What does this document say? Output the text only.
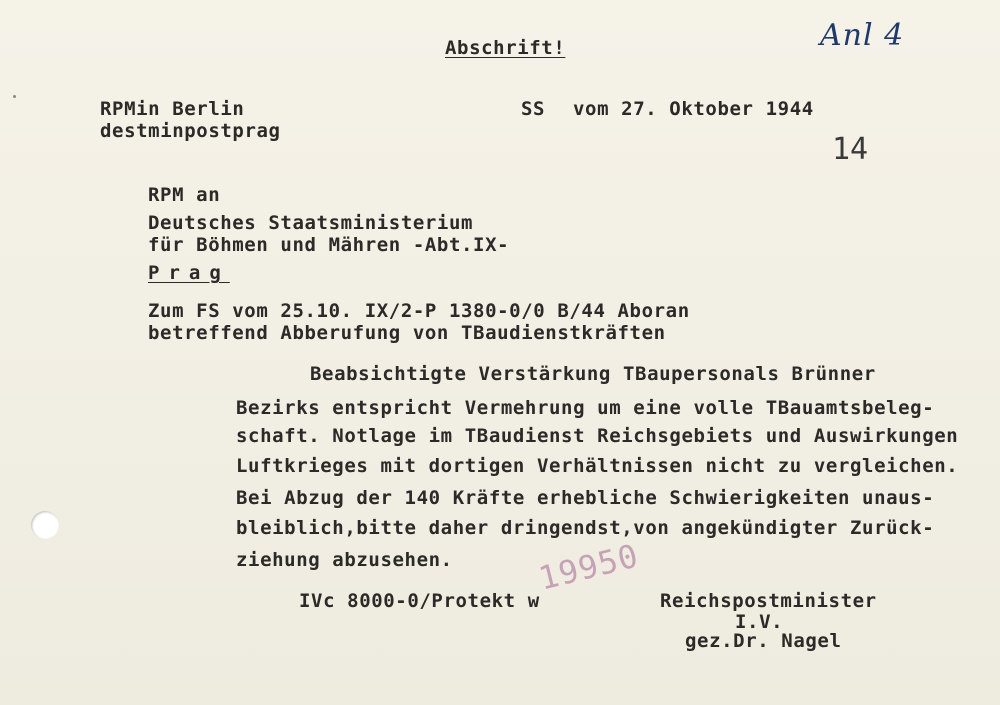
Abschrift!	Anl 4
14
RPMin Berlin
destminpostprag
SS vom 27. Oktober 1944
RPM an
Deutsches Staatsministerium
für Böhmen und Mähren -Abt.IX-
Prag
Zum FS vom 25.10. IX/2-P 1380-0/0 B/44 Aboran
betreffend Abberufung von TBaudienstkräften
Beabsichtigte Verstärkung TBaupersonals Brünner
Bezirks entspricht Vermehrung um eine volle TBauamtsbeleg-
schaft. Notlage im TBaudienst Reichsgebiets und Auswirkungen
Luftkrieges mit dortigen Verhältnissen nicht zu vergleichen.
Bei Abzug der 140 Kräfte erhebliche Schwierigkeiten unaus-
bleiblich,bitte daher dringendst,von angekündigter Zurück-
ziehung abzusehen.	19950
IVc 8000-0/Protekt w	Reichspostminister
I.V.
gez.Dr. Nagel
